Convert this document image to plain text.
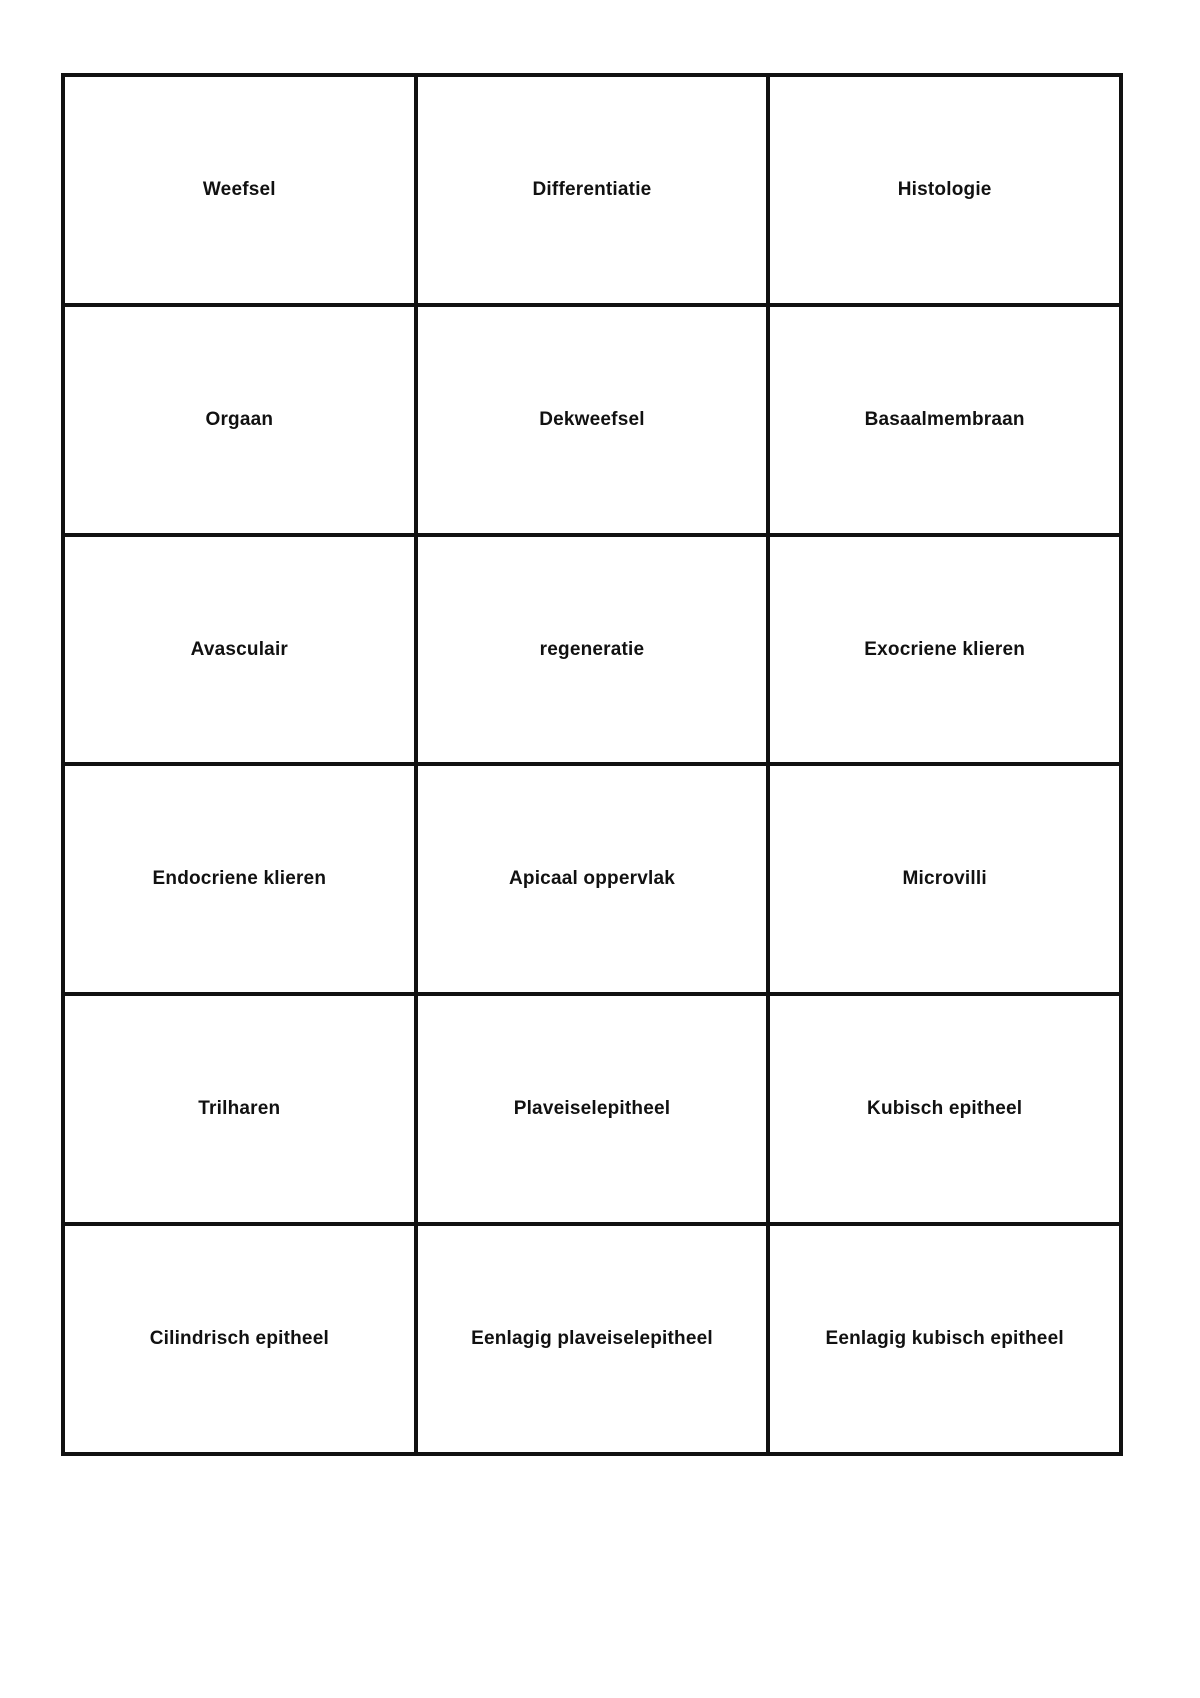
Weefsel	Differentiatie	Histologie
Orgaan	Dekweefsel	Basaalmembraan
Avasculair	regeneratie	Exocriene klieren
Endocriene klieren	Apicaal oppervlak	Microvilli
Trilharen	Plaveiselepitheel	Kubisch epitheel
Cilindrisch epitheel	Eenlagig plaveiselepitheel	Eenlagig kubisch epitheel
